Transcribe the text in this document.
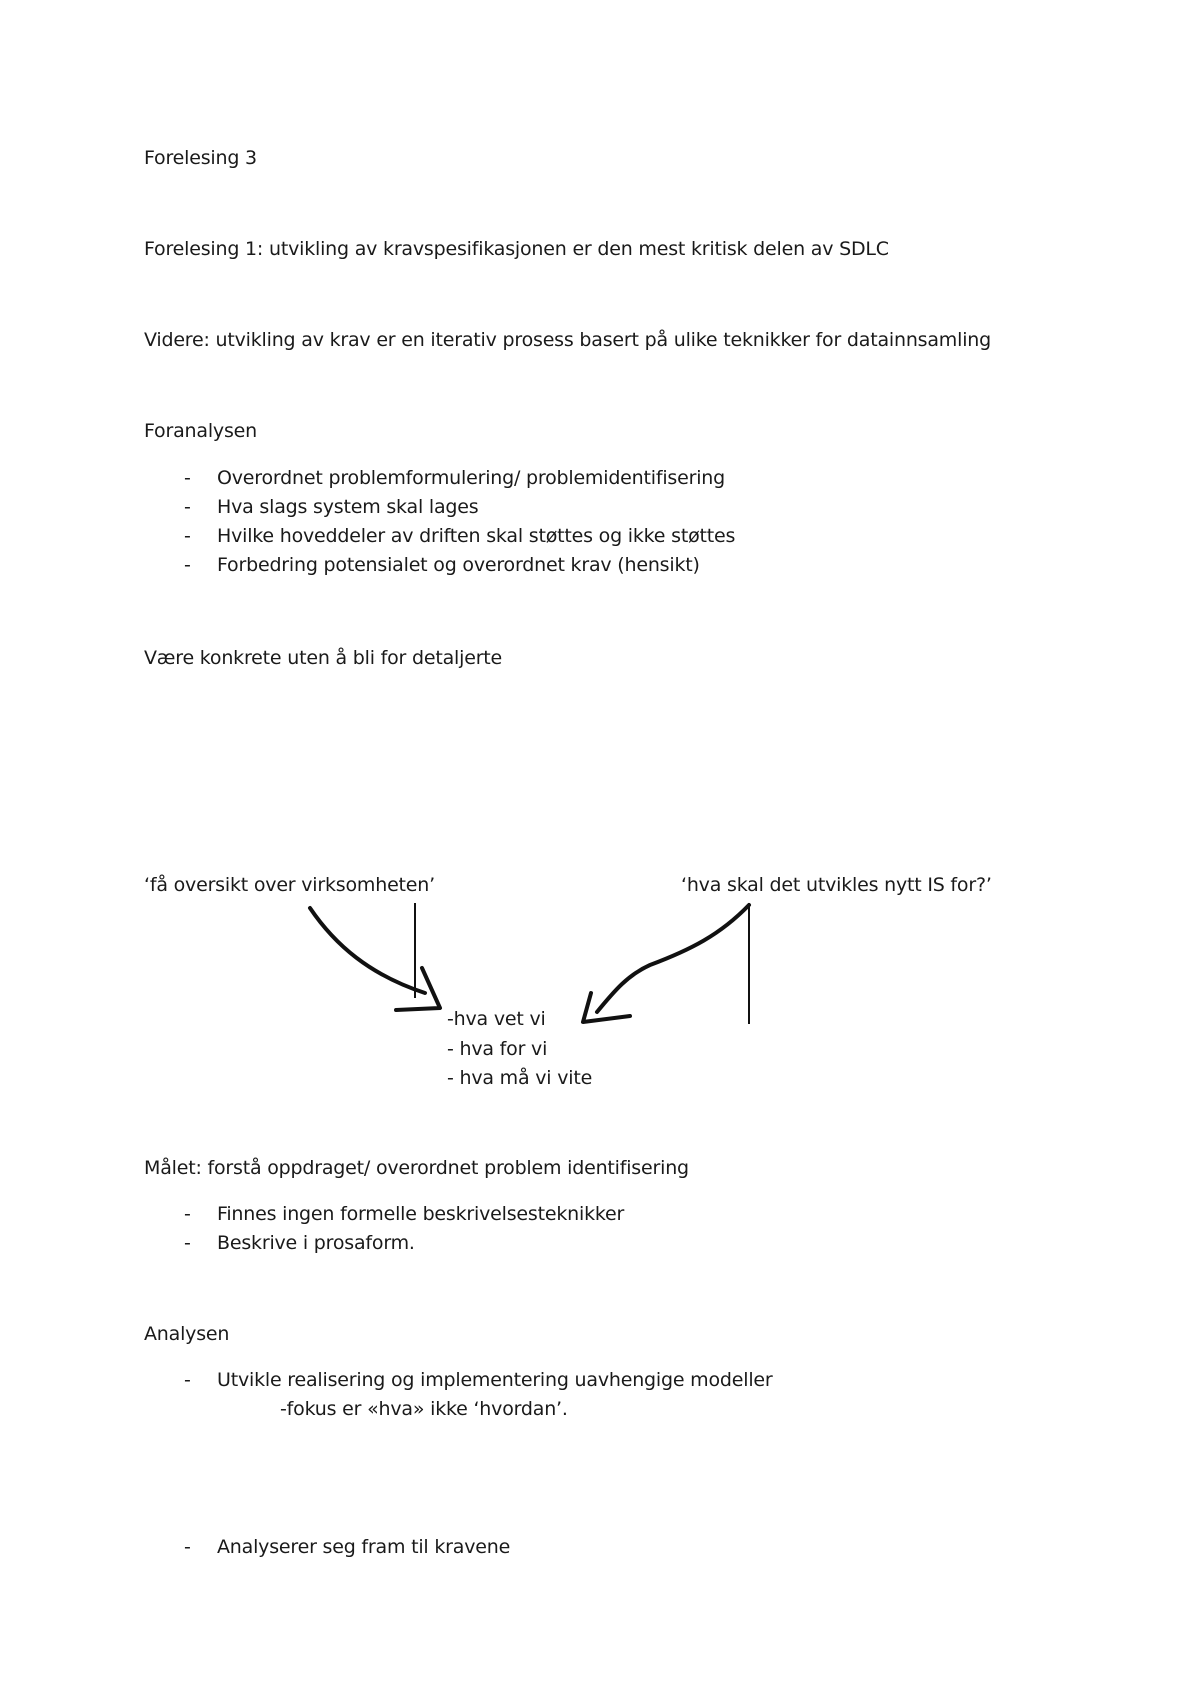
Forelesing 3
Forelesing 1: utvikling av kravspesifikasjonen er den mest kritisk delen av SDLC
Videre: utvikling av krav er en iterativ prosess basert på ulike teknikker for datainnsamling
Foranalysen
- Overordnet problemformulering/ problemidentifisering
- Hva slags system skal lages
- Hvilke hoveddeler av driften skal støttes og ikke støttes
- Forbedring potensialet og overordnet krav (hensikt)
Være konkrete uten å bli for detaljerte
‘få oversikt over virksomheten’	‘hva skal det utvikles nytt IS for?’
-hva vet vi
- hva for vi
- hva må vi vite
Målet: forstå oppdraget/ overordnet problem identifisering
- Finnes ingen formelle beskrivelsesteknikker
- Beskrive i prosaform.
Analysen
- Utvikle realisering og implementering uavhengige modeller
-fokus er «hva» ikke ‘hvordan’.
- Analyserer seg fram til kravene
